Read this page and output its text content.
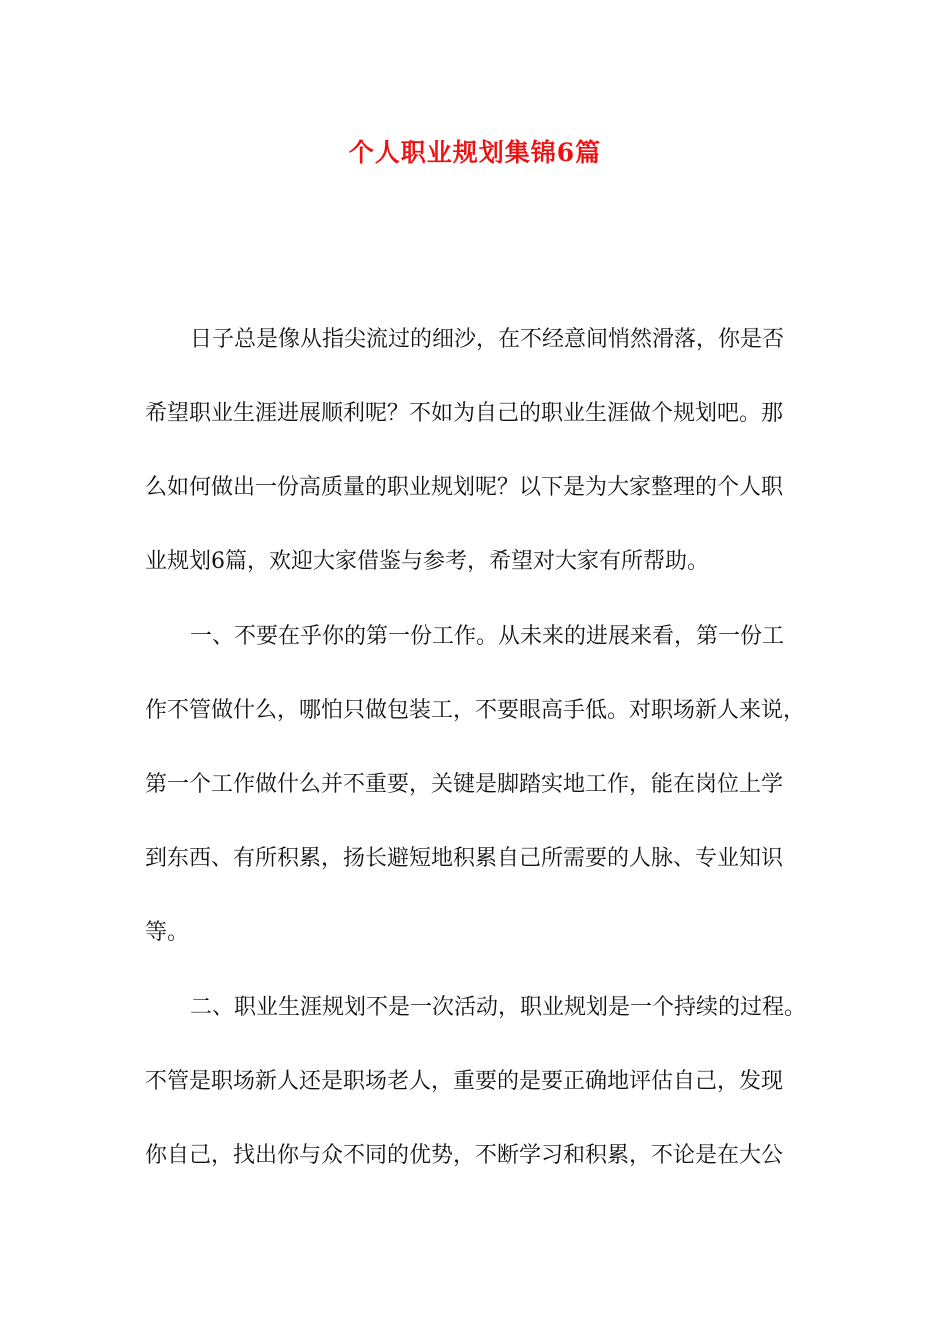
个人职业规划集锦6篇
日子总是像从指尖流过的细沙，在不经意间悄然滑落，你是否
希望职业生涯进展顺利呢？不如为自己的职业生涯做个规划吧。那
么如何做出一份高质量的职业规划呢？以下是为大家整理的个人职
业规划6篇，欢迎大家借鉴与参考，希望对大家有所帮助。
一、不要在乎你的第一份工作。从未来的进展来看，第一份工
作不管做什么，哪怕只做包装工，不要眼高手低。对职场新人来说，
第一个工作做什么并不重要，关键是脚踏实地工作，能在岗位上学
到东西、有所积累，扬长避短地积累自己所需要的人脉、专业知识
等。
二、职业生涯规划不是一次活动，职业规划是一个持续的过程。
不管是职场新人还是职场老人，重要的是要正确地评估自己，发现
你自己，找出你与众不同的优势，不断学习和积累，不论是在大公
